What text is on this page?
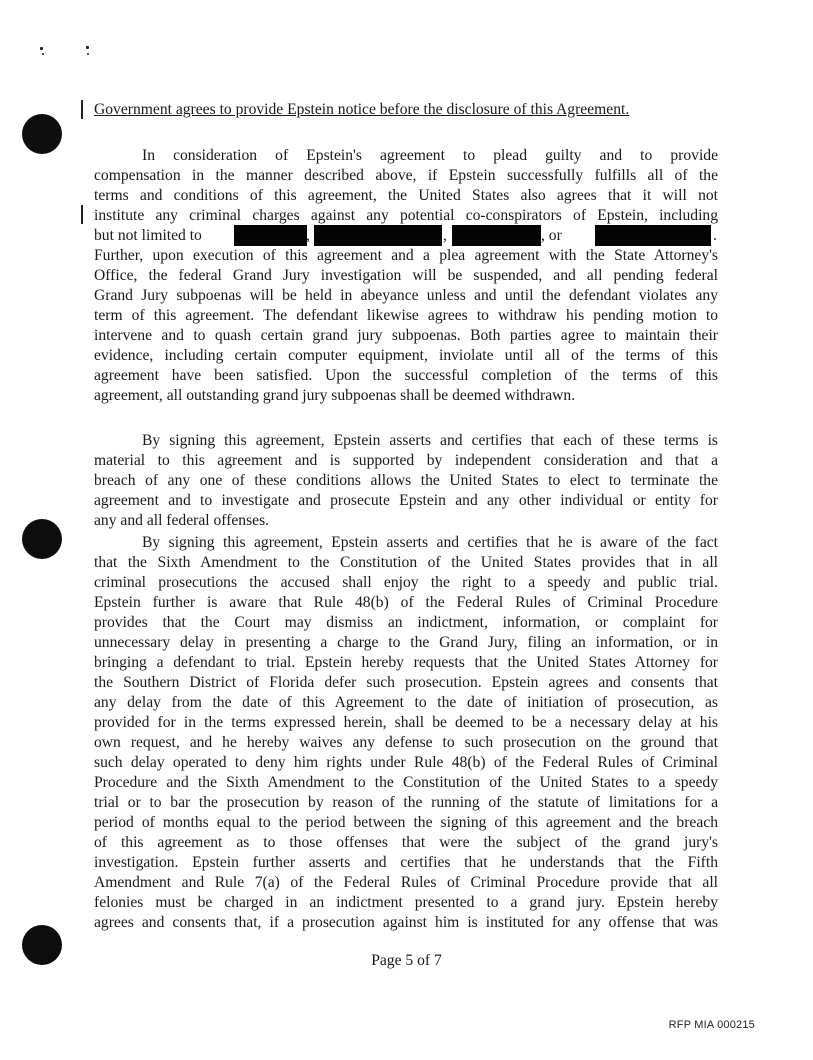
Government agrees to provide Epstein notice before the disclosure of this Agreement.
In consideration of Epstein's agreement to plead guilty and to provide
compensation in the manner described above, if Epstein successfully fulfills all of the
terms and conditions of this agreement, the United States also agrees that it will not
institute any criminal charges against any potential co-conspirators of Epstein, including
but not limited to	,	,	, or	.
Further, upon execution of this agreement and a plea agreement with the State Attorney's
Office, the federal Grand Jury investigation will be suspended, and all pending federal
Grand Jury subpoenas will be held in abeyance unless and until the defendant violates any
term of this agreement. The defendant likewise agrees to withdraw his pending motion to
intervene and to quash certain grand jury subpoenas. Both parties agree to maintain their
evidence, including certain computer equipment, inviolate until all of the terms of this
agreement have been satisfied. Upon the successful completion of the terms of this
agreement, all outstanding grand jury subpoenas shall be deemed withdrawn.
By signing this agreement, Epstein asserts and certifies that each of these terms is
material to this agreement and is supported by independent consideration and that a
breach of any one of these conditions allows the United States to elect to terminate the
agreement and to investigate and prosecute Epstein and any other individual or entity for
any and all federal offenses.
By signing this agreement, Epstein asserts and certifies that he is aware of the fact
that the Sixth Amendment to the Constitution of the United States provides that in all
criminal prosecutions the accused shall enjoy the right to a speedy and public trial.
Epstein further is aware that Rule 48(b) of the Federal Rules of Criminal Procedure
provides that the Court may dismiss an indictment, information, or complaint for
unnecessary delay in presenting a charge to the Grand Jury, filing an information, or in
bringing a defendant to trial. Epstein hereby requests that the United States Attorney for
the Southern District of Florida defer such prosecution. Epstein agrees and consents that
any delay from the date of this Agreement to the date of initiation of prosecution, as
provided for in the terms expressed herein, shall be deemed to be a necessary delay at his
own request, and he hereby waives any defense to such prosecution on the ground that
such delay operated to deny him rights under Rule 48(b) of the Federal Rules of Criminal
Procedure and the Sixth Amendment to the Constitution of the United States to a speedy
trial or to bar the prosecution by reason of the running of the statute of limitations for a
period of months equal to the period between the signing of this agreement and the breach
of this agreement as to those offenses that were the subject of the grand jury's
investigation. Epstein further asserts and certifies that he understands that the Fifth
Amendment and Rule 7(a) of the Federal Rules of Criminal Procedure provide that all
felonies must be charged in an indictment presented to a grand jury. Epstein hereby
agrees and consents that, if a prosecution against him is instituted for any offense that was
Page 5 of 7
RFP MIA 000215
